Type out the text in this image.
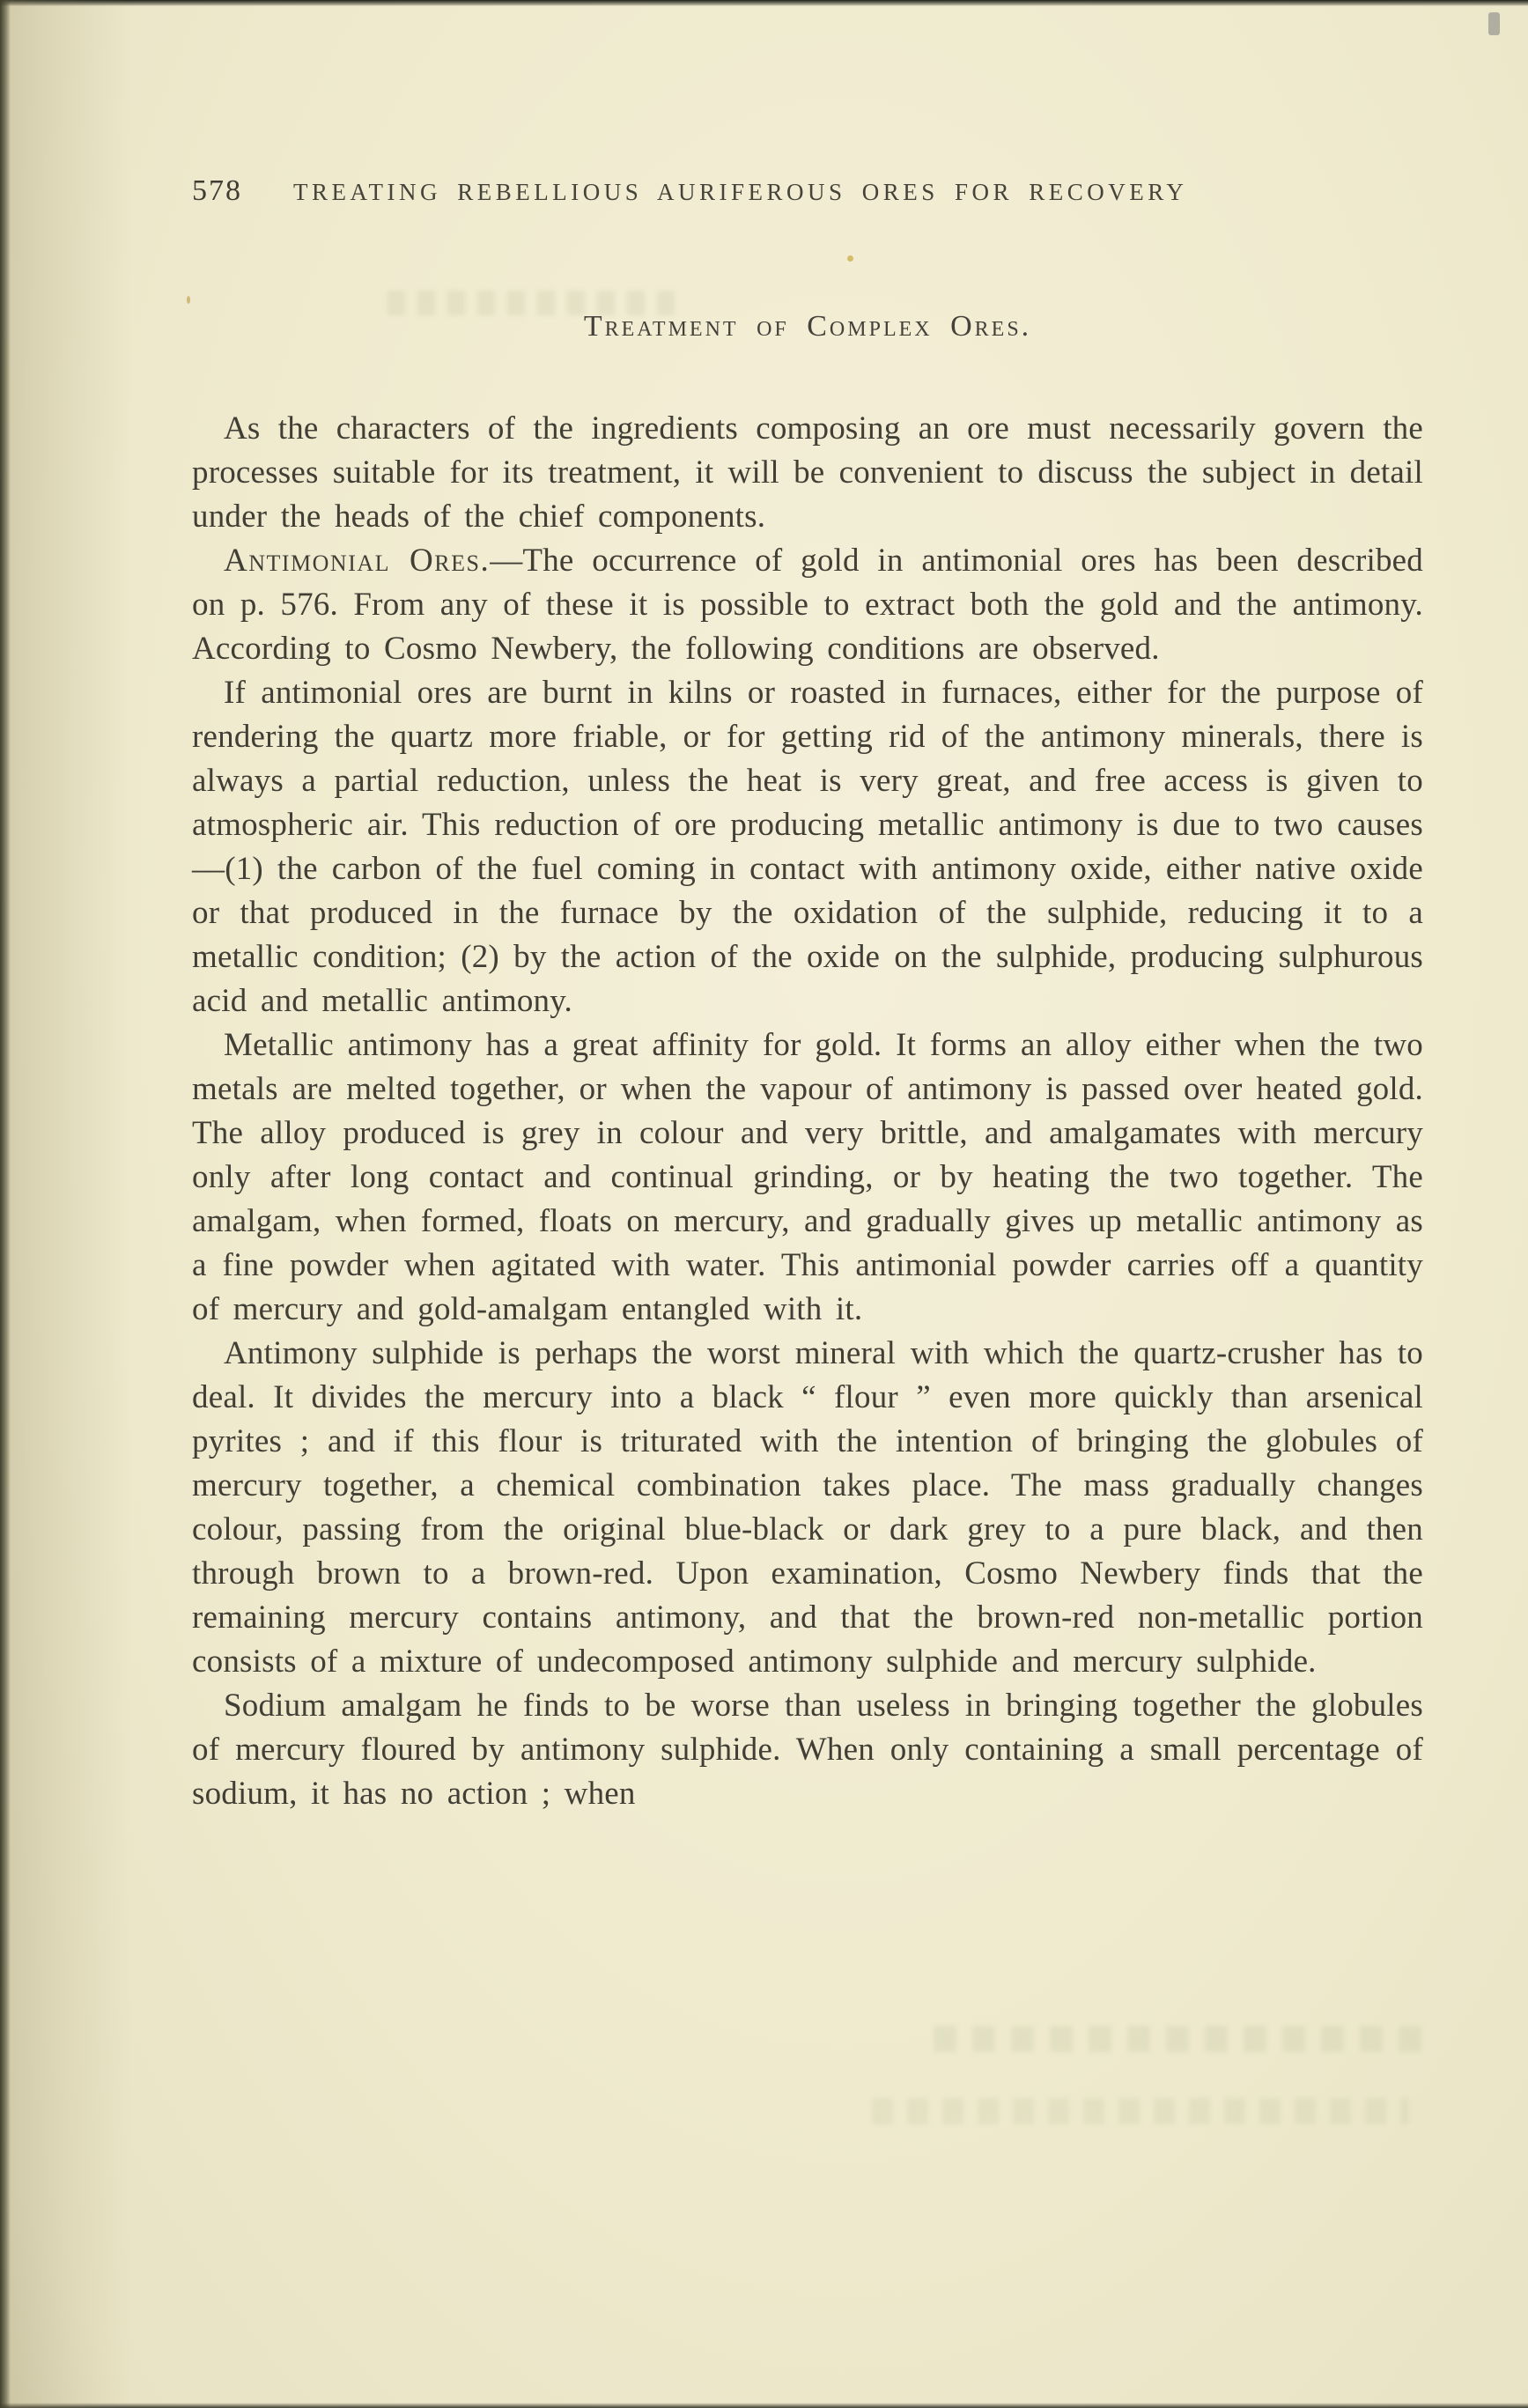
578 TREATING REBELLIOUS AURIFEROUS ORES FOR RECOVERY
Treatment of Complex Ores.

As the characters of the ingredients composing an ore must necessarily govern the processes suitable for its treatment, it will be convenient to discuss the subject in detail under the heads of the chief components.

Antimonial Ores.—The occurrence of gold in antimonial ores has been described on p. 576. From any of these it is possible to extract both the gold and the antimony. According to Cosmo Newbery, the following conditions are observed.

If antimonial ores are burnt in kilns or roasted in furnaces, either for the purpose of rendering the quartz more friable, or for getting rid of the antimony minerals, there is always a partial reduction, unless the heat is very great, and free access is given to atmospheric air. This reduction of ore producing metallic antimony is due to two causes—(1) the carbon of the fuel coming in contact with antimony oxide, either native oxide or that produced in the furnace by the oxidation of the sulphide, reducing it to a metallic condition; (2) by the action of the oxide on the sulphide, producing sulphurous acid and metallic antimony.

Metallic antimony has a great affinity for gold. It forms an alloy either when the two metals are melted together, or when the vapour of antimony is passed over heated gold. The alloy produced is grey in colour and very brittle, and amalgamates with mercury only after long contact and continual grinding, or by heating the two together. The amalgam, when formed, floats on mercury, and gradually gives up metallic antimony as a fine powder when agitated with water. This antimonial powder carries off a quantity of mercury and gold-amalgam entangled with it.

Antimony sulphide is perhaps the worst mineral with which the quartz-crusher has to deal. It divides the mercury into a black “ flour ” even more quickly than arsenical pyrites ; and if this flour is triturated with the intention of bringing the globules of mercury together, a chemical combination takes place. The mass gradually changes colour, passing from the original blue-black or dark grey to a pure black, and then through brown to a brown-red. Upon examination, Cosmo Newbery finds that the remaining mercury contains antimony, and that the brown-red non-metallic portion consists of a mixture of undecomposed antimony sulphide and mercury sulphide.

Sodium amalgam he finds to be worse than useless in bringing together the globules of mercury floured by antimony sulphide. When only containing a small percentage of sodium, it has no action ; when
